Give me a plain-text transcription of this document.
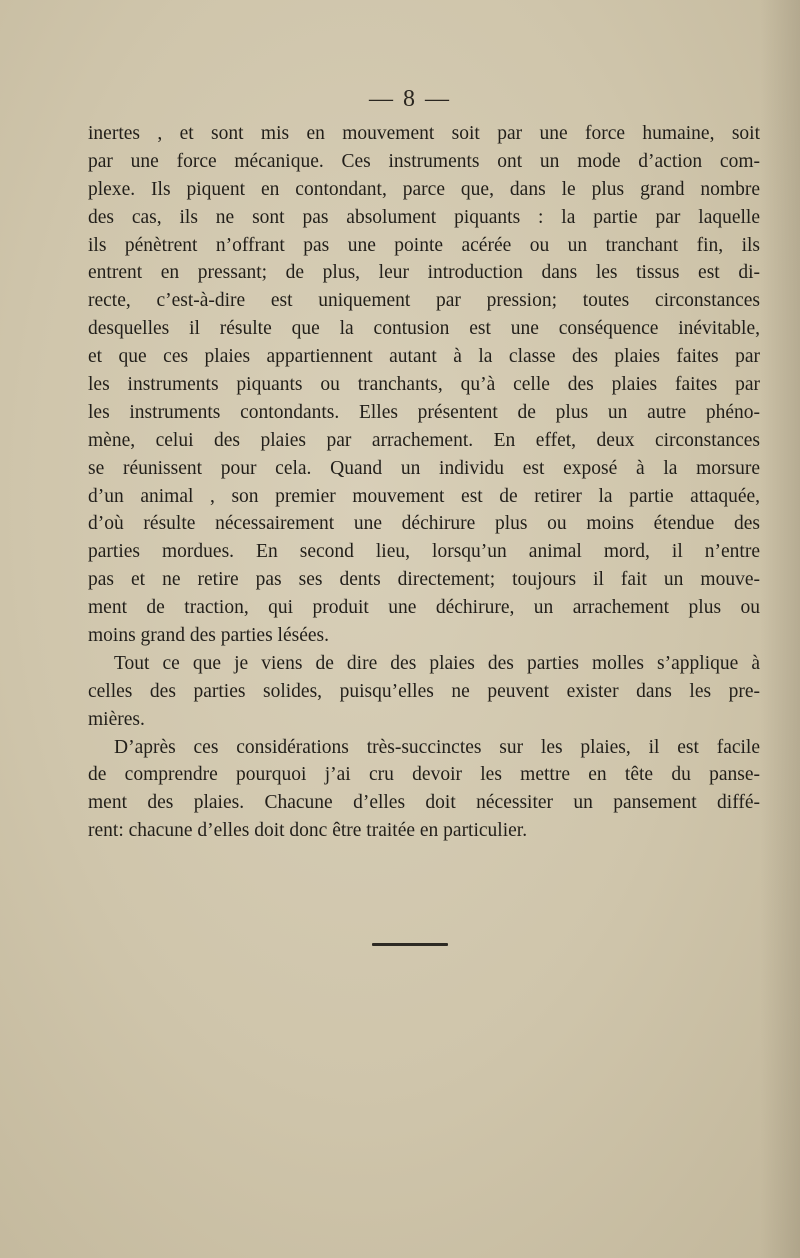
— 8 —
inertes , et sont mis en mouvement soit par une force humaine, soit
par une force mécanique. Ces instruments ont un mode d’action com-
plexe. Ils piquent en contondant, parce que, dans le plus grand nombre
des cas, ils ne sont pas absolument piquants : la partie par laquelle
ils pénètrent n’offrant pas une pointe acérée ou un tranchant fin, ils
entrent en pressant; de plus, leur introduction dans les tissus est di-
recte, c’est-à-dire est uniquement par pression; toutes circonstances
desquelles il résulte que la contusion est une conséquence inévitable,
et que ces plaies appartiennent autant à la classe des plaies faites par
les instruments piquants ou tranchants, qu’à celle des plaies faites par
les instruments contondants. Elles présentent de plus un autre phéno-
mène, celui des plaies par arrachement. En effet, deux circonstances
se réunissent pour cela. Quand un individu est exposé à la morsure
d’un animal , son premier mouvement est de retirer la partie attaquée,
d’où résulte nécessairement une déchirure plus ou moins étendue des
parties mordues. En second lieu, lorsqu’un animal mord, il n’entre
pas et ne retire pas ses dents directement; toujours il fait un mouve-
ment de traction, qui produit une déchirure, un arrachement plus ou
moins grand des parties lésées.
Tout ce que je viens de dire des plaies des parties molles s’applique à
celles des parties solides, puisqu’elles ne peuvent exister dans les pre-
mières.
D’après ces considérations très-succinctes sur les plaies, il est facile
de comprendre pourquoi j’ai cru devoir les mettre en tête du panse-
ment des plaies. Chacune d’elles doit nécessiter un pansement diffé-
rent: chacune d’elles doit donc être traitée en particulier.
